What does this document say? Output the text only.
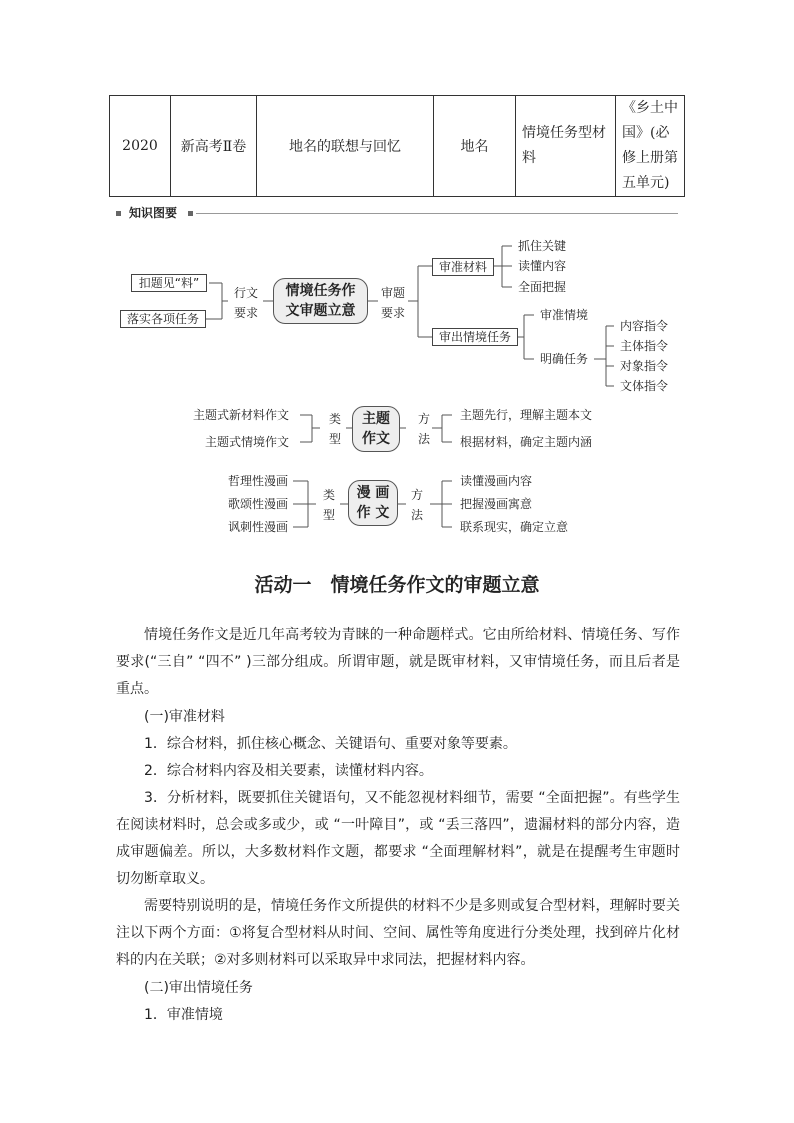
2020	新高考Ⅱ卷	地名的联想与回忆	地名	情境任务型材料	《乡土中国》(必修上册第五单元)
知识图要
扣题见“料”
落实各项任务
行文
要求
情境任务作
文审题立意
审题
要求
审准材料
抓住关键
读懂内容
全面把握
审出情境任务
审准情境
明确任务
内容指令
主体指令
对象指令
文体指令
主题式新材料作文
主题式情境作文
类
型
主题
作文
方
法
主题先行，理解主题本文
根据材料，确定主题内涵
哲理性漫画
歌颂性漫画
讽刺性漫画
类
型
漫 画
作 文
方
法
读懂漫画内容
把握漫画寓意
联系现实，确定立意
活动一　情境任务作文的审题立意

情境任务作文是近几年高考较为青睐的一种命题样式。它由所给材料、情境任务、写作要求(“三自” “四不” )三部分组成。所谓审题，就是既审材料，又审情境任务，而且后者是重点。

(一)审准材料

1．综合材料，抓住核心概念、关键语句、重要对象等要素。

2．综合材料内容及相关要素，读懂材料内容。

3．分析材料，既要抓住关键语句，又不能忽视材料细节，需要 “全面把握”。有些学生在阅读材料时，总会或多或少，或 “一叶障目”，或 “丢三落四”，遗漏材料的部分内容，造成审题偏差。所以，大多数材料作文题，都要求 “全面理解材料”，就是在提醒考生审题时切勿断章取义。

需要特别说明的是，情境任务作文所提供的材料不少是多则或复合型材料，理解时要关注以下两个方面：①将复合型材料从时间、空间、属性等角度进行分类处理，找到碎片化材料的内在关联；②对多则材料可以采取异中求同法，把握材料内容。

(二)审出情境任务

1．审准情境
